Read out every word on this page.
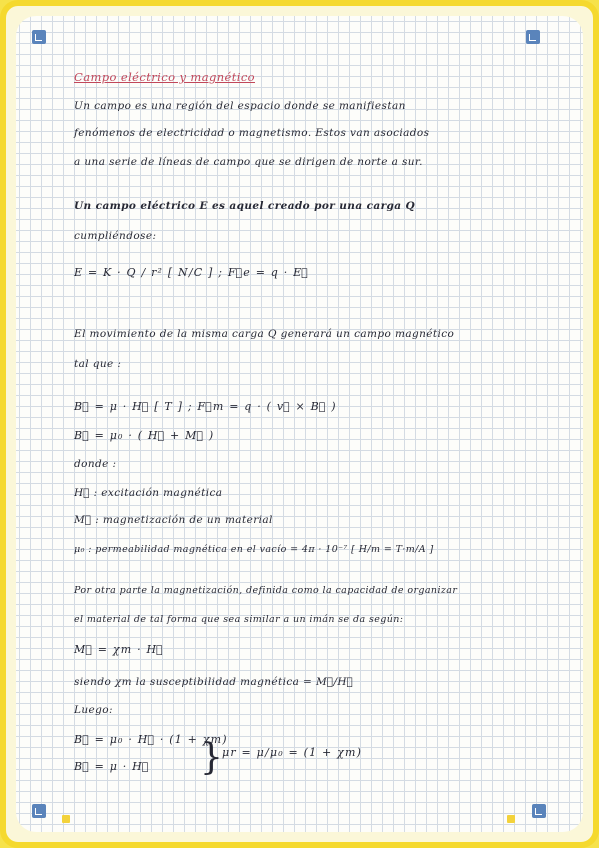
Campo eléctrico y magnético
Un campo es una región del espacio donde se manifiestan
fenómenos de electricidad o magnetismo. Estos van asociados
a una serie de líneas de campo que se dirigen de norte a sur.
Un campo eléctrico E es aquel creado por una carga Q
cumpliéndose:
E = K · Q / r² [ N/C ] ; F⃗e = q · E⃗
El movimiento de la misma carga Q generará un campo magnético
tal que :
B⃗ = μ · H⃗ [ T ] ; F⃗m = q · ( v⃗ × B⃗ )
B⃗ = μ₀ · ( H⃗ + M⃗ )
donde :
H⃗ : excitación magnética
M⃗ : magnetización de un material
μ₀ : permeabilidad magnética en el vacío = 4π · 10⁻⁷ [ H/m = T·m/A ]
Por otra parte la magnetización, definida como la capacidad de organizar
el material de tal forma que sea similar a un imán se da según:
M⃗ = χm · H⃗
siendo χm la susceptibilidad magnética = M⃗/H⃗
Luego:
B⃗ = μ₀ · H⃗ · (1 + χm)
B⃗ = μ · H⃗ } μr = μ/μ₀ = (1 + χm)
